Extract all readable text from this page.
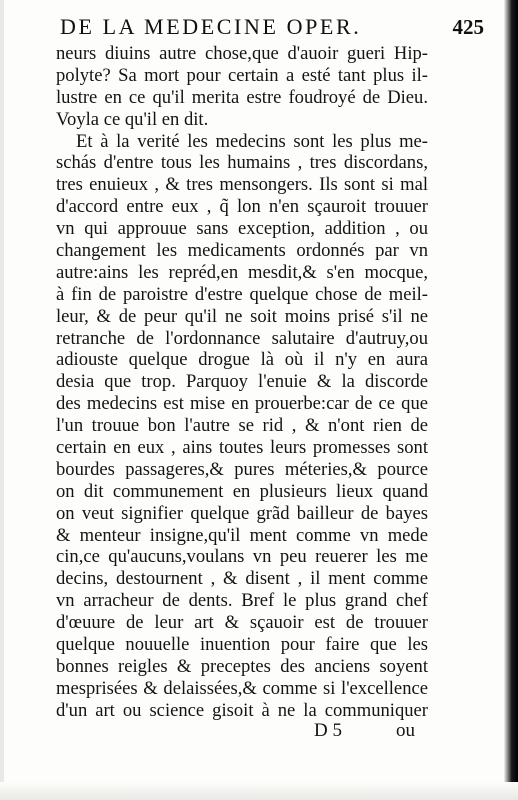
DE LA MEDECINE OPER.	425
neurs diuins autre chose,que d'auoir gueri Hip-
polyte? Sa mort pour certain a esté tant plus il-
lustre en ce qu'il merita estre foudroyé de Dieu.
Voyla ce qu'il en dit.
Et à la verité les medecins sont les plus me-
schás d'entre tous les humains , tres discordans,
tres enuieux , & tres mensongers. Ils sont si mal
d'accord entre eux , q̃ lon n'en sçauroit trouuer
vn qui approuue sans exception, addition , ou
changement les medicaments ordonnés par vn
autre:ains les repréd,en mesdit,& s'en mocque,
à fin de paroistre d'estre quelque chose de meil-
leur, & de peur qu'il ne soit moins prisé s'il ne
retranche de l'ordonnance salutaire d'autruy,ou
adiouste quelque drogue là où il n'y en aura
desia que trop. Parquoy l'enuie & la discorde
des medecins est mise en prouerbe:car de ce que
l'un trouue bon l'autre se rid , & n'ont rien de
certain en eux , ains toutes leurs promesses sont
bourdes passageres,& pures méteries,& pource
on dit communement en plusieurs lieux quand
on veut signifier quelque grãd bailleur de bayes
& menteur insigne,qu'il ment comme vn mede
cin,ce qu'aucuns,voulans vn peu reuerer les me
decins, destournent , & disent , il ment comme
vn arracheur de dents. Bref le plus grand chef
d'œuure de leur art & sçauoir est de trouuer
quelque nouuelle inuention pour faire que les
bonnes reigles & preceptes des anciens soyent
mesprisées & delaissées,& comme si l'excellence
d'un art ou science gisoit à ne la communiquer
D 5	ou
